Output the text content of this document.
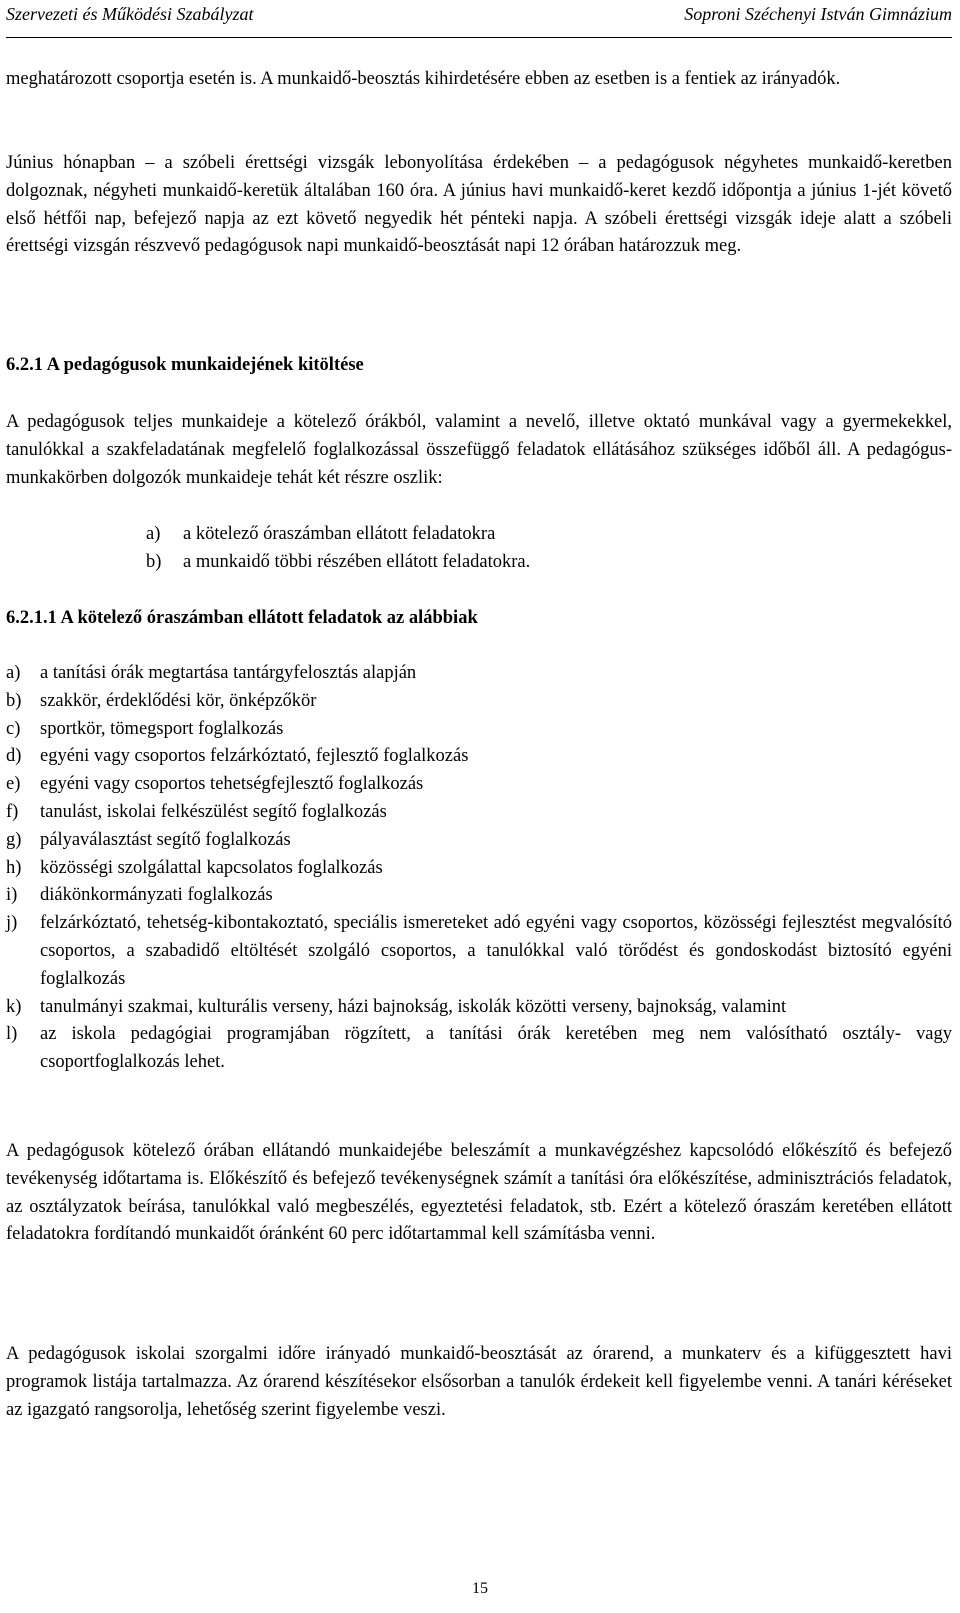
Szervezeti és Működési Szabályzat	Soproni Széchenyi István Gimnázium

meghatározott csoportja esetén is. A munkaidő-beosztás kihirdetésére ebben az esetben is a fentiek az irányadók.

Június hónapban – a szóbeli érettségi vizsgák lebonyolítása érdekében – a pedagógusok négyhetes munkaidő-keretben dolgoznak, négyheti munkaidő-keretük általában 160 óra. A június havi munkaidő-keret kezdő időpontja a június 1-jét követő első hétfői nap, befejező napja az ezt követő negyedik hét pénteki napja. A szóbeli érettségi vizsgák ideje alatt a szóbeli érettségi vizsgán részvevő pedagógusok napi munkaidő-beosztását napi 12 órában határozzuk meg.

6.2.1 A pedagógusok munkaidejének kitöltése

A pedagógusok teljes munkaideje a kötelező órákból, valamint a nevelő, illetve oktató munkával vagy a gyermekekkel, tanulókkal a szakfeladatának megfelelő foglalkozással összefüggő feladatok ellátásához szükséges időből áll. A pedagógus-munkakörben dolgozók munkaideje tehát két részre oszlik:

a)	a kötelező óraszámban ellátott feladatokra
b)	a munkaidő többi részében ellátott feladatokra.
6.2.1.1 A kötelező óraszámban ellátott feladatok az alábbiak
a)	a tanítási órák megtartása tantárgyfelosztás alapján
b)	szakkör, érdeklődési kör, önképzőkör
c)	sportkör, tömegsport foglalkozás
d)	egyéni vagy csoportos felzárkóztató, fejlesztő foglalkozás
e)	egyéni vagy csoportos tehetségfejlesztő foglalkozás
f)	tanulást, iskolai felkészülést segítő foglalkozás
g)	pályaválasztást segítő foglalkozás
h)	közösségi szolgálattal kapcsolatos foglalkozás
i)	diákönkormányzati foglalkozás
j)	felzárkóztató, tehetség-kibontakoztató, speciális ismereteket adó egyéni vagy csoportos, közösségi fejlesztést megvalósító csoportos, a szabadidő eltöltését szolgáló csoportos, a tanulókkal való törődést és gondoskodást biztosító egyéni foglalkozás
k)	tanulmányi szakmai, kulturális verseny, házi bajnokság, iskolák közötti verseny, bajnokság, valamint
l)	az iskola pedagógiai programjában rögzített, a tanítási órák keretében meg nem valósítható osztály- vagy csoportfoglalkozás lehet.

A pedagógusok kötelező órában ellátandó munkaidejébe beleszámít a munkavégzéshez kapcsolódó előkészítő és befejező tevékenység időtartama is. Előkészítő és befejező tevékenységnek számít a tanítási óra előkészítése, adminisztrációs feladatok, az osztályzatok beírása, tanulókkal való megbeszélés, egyeztetési feladatok, stb. Ezért a kötelező óraszám keretében ellátott feladatokra fordítandó munkaidőt óránként 60 perc időtartammal kell számításba venni.

A pedagógusok iskolai szorgalmi időre irányadó munkaidő-beosztását az órarend, a munkaterv és a kifüggesztett havi programok listája tartalmazza. Az órarend készítésekor elsősorban a tanulók érdekeit kell figyelembe venni. A tanári kéréseket az igazgató rangsorolja, lehetőség szerint figyelembe veszi.

15
